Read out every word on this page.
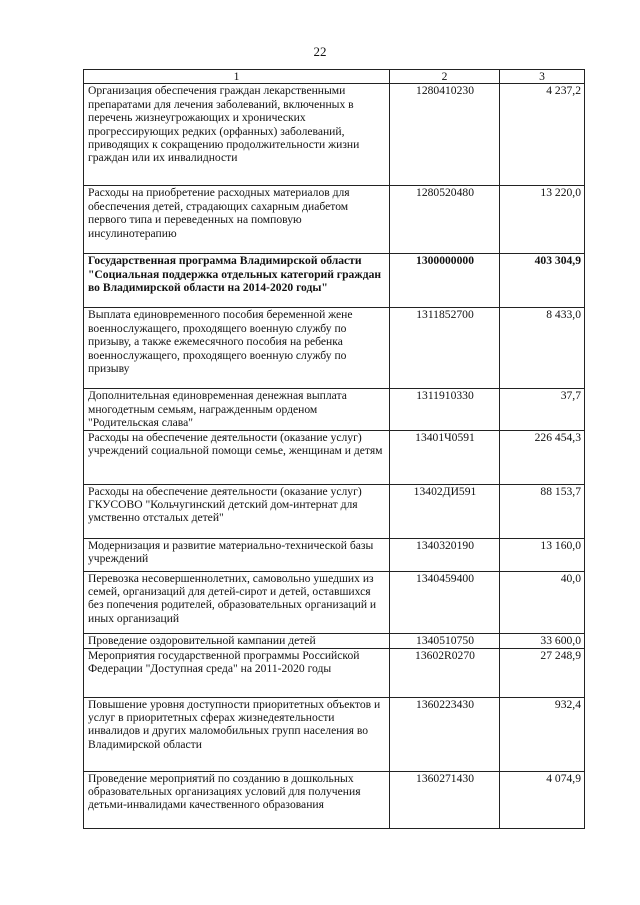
22
1	2	3
Организация обеспечения граждан лекарственными препаратами для лечения заболеваний, включенных в перечень жизнеугрожающих и хронических прогрессирующих редких (орфанных) заболеваний, приводящих к сокращению продолжительности жизни граждан или их инвалидности	1280410230	4 237,2
Расходы на приобретение расходных материалов для обеспечения детей, страдающих сахарным диабетом первого типа и переведенных на помповую инсулинотерапию	1280520480	13 220,0
Государственная программа Владимирской области "Социальная поддержка отдельных категорий граждан во Владимирской области на 2014-2020 годы"	1300000000	403 304,9
Выплата единовременного пособия беременной жене военнослужащего, проходящего военную службу по призыву, а также ежемесячного пособия на ребенка военнослужащего, проходящего военную службу по призыву	1311852700	8 433,0
Дополнительная единовременная денежная выплата многодетным семьям, награжденным орденом "Родительская слава"	1311910330	37,7
Расходы на обеспечение деятельности (оказание услуг) учреждений социальной помощи семье, женщинам и детям	13401Ч0591	226 454,3
Расходы на обеспечение деятельности (оказание услуг) ГКУСОВО "Кольчугинский детский дом-интернат для умственно отсталых детей"	13402ДИ591	88 153,7
Модернизация и развитие материально-технической базы учреждений	1340320190	13 160,0
Перевозка несовершеннолетних, самовольно ушедших из семей, организаций для детей-сирот и детей, оставшихся без попечения родителей, образовательных организаций и иных организаций	1340459400	40,0
Проведение оздоровительной кампании детей	1340510750	33 600,0
Мероприятия государственной программы Российской Федерации "Доступная среда" на 2011-2020 годы	13602R0270	27 248,9
Повышение уровня доступности приоритетных объектов и услуг в приоритетных сферах жизнедеятельности инвалидов и других маломобильных групп населения во Владимирской области	1360223430	932,4
Проведение мероприятий по созданию в дошкольных образовательных организациях условий для получения детьми-инвалидами качественного образования	1360271430	4 074,9
